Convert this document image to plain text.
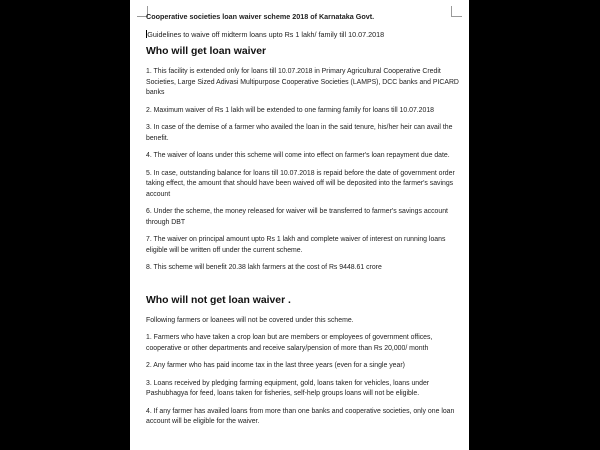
Cooperative societies loan waiver scheme 2018 of Karnataka Govt.
Guidelines to waive off midterm loans upto Rs 1 lakh/ family till 10.07.2018
Who will get loan waiver

1. This facility is extended only for loans till 10.07.2018 in Primary Agricultural Cooperative Credit Societies, Large Sized Adivasi Multipurpose Cooperative Societies (LAMPS), DCC banks and PICARD banks

2. Maximum waiver of Rs 1 lakh will be extended to one farming family for loans till 10.07.2018

3. In case of the demise of a farmer who availed the loan in the said tenure, his/her heir can avail the benefit.

4. The waiver of loans under this scheme will come into effect on farmer's loan repayment due date.

5. In case, outstanding balance for loans till 10.07.2018 is repaid before the date of government order taking effect, the amount that should have been waived off will be deposited into the farmer's savings account

6. Under the scheme, the money released for waiver will be transferred to farmer's savings account through DBT

7. The waiver on principal amount upto Rs 1 lakh and complete waiver of interest on running loans eligible will be written off under the current scheme.

8. This scheme will benefit 20.38 lakh farmers at the cost of Rs 9448.61 crore

Who will not get loan waiver .

Following farmers or loanees will not be covered under this scheme.

1. Farmers who have taken a crop loan but are members or employees of government offices, cooperative or other departments and receive salary/pension of more than Rs 20,000/ month

2. Any farmer who has paid income tax in the last three years (even for a single year)

3. Loans received by pledging farming equipment, gold, loans taken for vehicles, loans under Pashubhagya for feed, loans taken for fisheries, self-help groups loans will not be eligible.

4. If any farmer has availed loans from more than one banks and cooperative societies, only one loan account will be eligible for the waiver.
